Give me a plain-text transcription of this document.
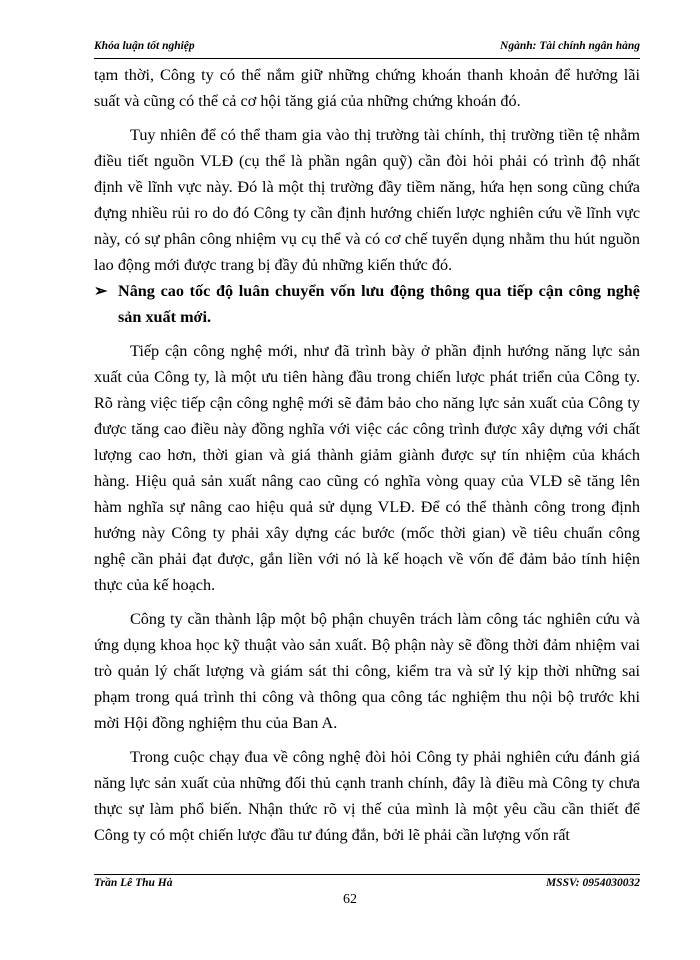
Khóa luận tốt nghiệp	Ngành: Tài chính ngân hàng

tạm thời, Công ty có thể nắm giữ những chứng khoán thanh khoản để hưởng lãi suất và cũng có thể cả cơ hội tăng giá của những chứng khoán đó.

Tuy nhiên để có thể tham gia vào thị trường tài chính, thị trường tiền tệ nhằm điều tiết nguồn VLĐ (cụ thể là phần ngân quỹ) cần đòi hỏi phải có trình độ nhất định về lĩnh vực này. Đó là một thị trường đầy tiềm năng, hứa hẹn song cũng chứa đựng nhiều rủi ro do đó Công ty cần định hướng chiến lược nghiên cứu về lĩnh vực này, có sự phân công nhiệm vụ cụ thể và có cơ chế tuyển dụng nhằm thu hút nguồn lao động mới được trang bị đầy đủ những kiến thức đó.

➢ Nâng cao tốc độ luân chuyển vốn lưu động thông qua tiếp cận công nghệ sản xuất mới.

Tiếp cận công nghệ mới, như đã trình bày ở phần định hướng năng lực sản xuất của Công ty, là một ưu tiên hàng đầu trong chiến lược phát triển của Công ty. Rõ ràng việc tiếp cận công nghệ mới sẽ đảm bảo cho năng lực sản xuất của Công ty được tăng cao điều này đồng nghĩa với việc các công trình được xây dựng với chất lượng cao hơn, thời gian và giá thành giảm giành được sự tín nhiệm của khách hàng. Hiệu quả sản xuất nâng cao cũng có nghĩa vòng quay của VLĐ sẽ tăng lên hàm nghĩa sự nâng cao hiệu quả sử dụng VLĐ. Để có thể thành công trong định hướng này Công ty phải xây dựng các bước (mốc thời gian) về tiêu chuẩn công nghệ cần phải đạt được, gắn liền với nó là kế hoạch về vốn để đảm bảo tính hiện thực của kế hoạch.

Công ty cần thành lập một bộ phận chuyên trách làm công tác nghiên cứu và ứng dụng khoa học kỹ thuật vào sản xuất. Bộ phận này sẽ đồng thời đảm nhiệm vai trò quản lý chất lượng và giám sát thi công, kiểm tra và sử lý kịp thời những sai phạm trong quá trình thi công và thông qua công tác nghiệm thu nội bộ trước khi mời Hội đồng nghiệm thu của Ban A.

Trong cuộc chạy đua về công nghệ đòi hỏi Công ty phải nghiên cứu đánh giá năng lực sản xuất của những đối thủ cạnh tranh chính, đây là điều mà Công ty chưa thực sự làm phổ biến. Nhận thức rõ vị thế của mình là một yêu cầu cần thiết để Công ty có một chiến lược đầu tư đúng đắn, bởi lẽ phải cần lượng vốn rất

Trần Lê Thu Hà	MSSV: 0954030032
62
